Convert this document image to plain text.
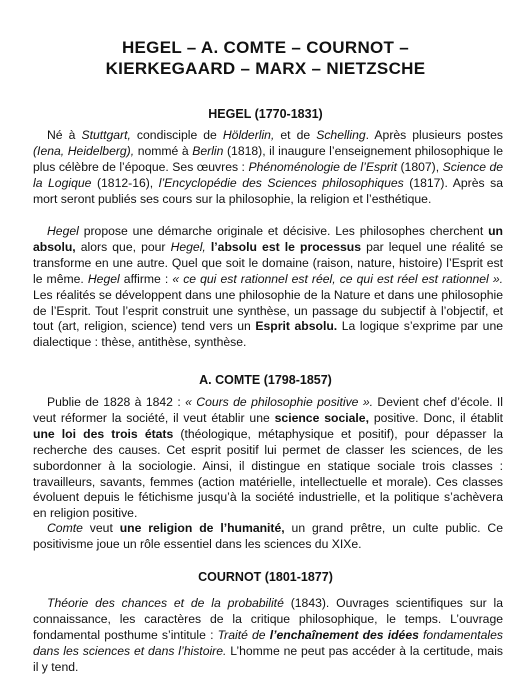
HEGEL – A. COMTE – COURNOT –
KIERKEGAARD – MARX – NIETZSCHE
HEGEL (1770-1831)

Né à Stuttgart, condisciple de Hölderlin, et de Schelling. Après plusieurs postes (Iena, Heidelberg), nommé à Berlin (1818), il inaugure l’enseignement philosophique le plus célèbre de l’époque. Ses œuvres : Phénoménologie de l’Esprit (1807), Science de la Logique (1812-16), l’Encyclopédie des Sciences philosophiques (1817). Après sa mort seront publiés ses cours sur la philosophie, la religion et l’esthétique.

Hegel propose une démarche originale et décisive. Les philosophes cherchent un absolu, alors que, pour Hegel, l’absolu est le processus par lequel une réalité se transforme en une autre. Quel que soit le domaine (raison, nature, histoire) l’Esprit est le même. Hegel affirme : « ce qui est rationnel est réel, ce qui est réel est rationnel ». Les réalités se développent dans une philosophie de la Nature et dans une philosophie de l’Esprit. Tout l’esprit construit une synthèse, un passage du subjectif à l’objectif, et tout (art, religion, science) tend vers un Esprit absolu. La logique s’exprime par une dialectique : thèse, antithèse, synthèse.

A. COMTE (1798-1857)

Publie de 1828 à 1842 : « Cours de philosophie positive ». Devient chef d’école. Il veut réformer la société, il veut établir une science sociale, positive. Donc, il établit une loi des trois états (théologique, métaphysique et positif), pour dépasser la recherche des causes. Cet esprit positif lui permet de classer les sciences, de les subordonner à la sociologie. Ainsi, il distingue en statique sociale trois classes : travailleurs, savants, femmes (action matérielle, intellectuelle et morale). Ces classes évoluent depuis le fétichisme jusqu’à la société industrielle, et la politique s’achèvera en religion positive.

Comte veut une religion de l’humanité, un grand prêtre, un culte public. Ce positivisme joue un rôle essentiel dans les sciences du XIXe.

COURNOT (1801-1877)

Théorie des chances et de la probabilité (1843). Ouvrages scientifiques sur la connaissance, les caractères de la critique philosophique, le temps. L’ouvrage fondamental posthume s’intitule : Traité de l’enchaînement des idées fondamentales dans les sciences et dans l’histoire. L’homme ne peut pas accéder à la certitude, mais il y tend.
